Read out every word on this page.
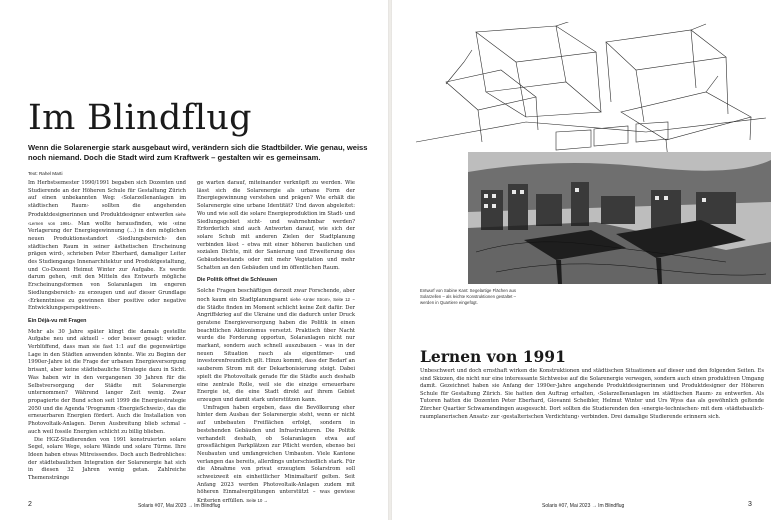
Im Blindflug
Wenn die Solarenergie stark ausgebaut wird, verändern sich die Stadtbilder. Wie genau, weiss noch niemand. Doch die Stadt wird zum Kraftwerk – gestalten wir es gemeinsam.
Text: Rahel Marti

Im Herbstsemester 1990/1991 begaben sich Dozenten und Studierende an der Höheren Schule für Gestaltung Zürich auf einen unbekannten Weg: ‹Solarzellenanlagen im städtischen Raum› sollten die angehenden Produktdesignerinnen und Produktdesigner entwerfen siehe ‹Lernen von 1991›. Man wollte herausfinden, wie ‹eine Verlagerung der Energiegewinnung (...) in den möglichen neuen Produktionsstandort ‹Siedlungsbereich› den städtischen Raum in seiner ästhetischen Erscheinung prägen wird›, schrieben Peter Eberhard, damaliger Leiter des Studiengangs Innenarchitektur und Produktgestaltung, und Co-Dozent Heimut Winter zur Aufgabe. Es werde darum gehen, ‹mit den Mitteln des Entwurfs mögliche Erscheinungsformen von Solaranlagen im engeren Siedlungsbereich› zu erzeugen und auf dieser Grundlage ‹Erkenntnisse zu gewinnen über positive oder negative Entwicklungsperspektiven›.

Ein Déjà-vu mit Fragen

Mehr als 30 Jahre später klingt die damals gestellte Aufgabe neu und aktuell – oder besser gesagt: wieder. Verblüffend, dass man sie fast 1:1 auf die gegenwärtige Lage in den Städten anwenden könnte. Wie zu Beginn der 1990er-Jahre ist die Frage der urbanen Energieversorgung brisant, aber keine städtebauliche Strategie dazu in Sicht. Was haben wir in den vergangenen 30 Jahren für die Selbstversorgung der Städte mit Solarenergie unternommen? Während langer Zeit wenig. Zwar propagierte der Bund schon seit 1999 die Energiestrategie 2050 und die Agenda 'Programm ‹EnergieSchweiz›, das die erneuerbaren Energien fördert. Auch die Installation von Photovoltaik-Anlagen. Deren Ausbreitung blieb schmal – auch weil fossile Energien schlicht zu billig blieben.

Die HGZ-Studierenden von 1991 konstruierten solare Segel, solare Wege, solare Wände und solare Türme. Ihre Ideen haben etwas Mitreissendes. Doch auch Bedrohliches: der städtebaulichen Integration der Solarenergie hat sich in diesen 32 Jahren wenig getan. Zahlreiche Themenstränge

ge warten darauf, miteinander verknüpft zu werden. Wie lässt sich die Solarenergie als urbane Form der Energiegewinnung verstehen und prägen? Wie erhält die Solarenergie eine urbane Identität? Und davon abgeleitet: Wo und wie soll die solare Energieproduktion im Stadt- und Siedlungsgebiet sicht- und wahrnehmbar werden? Erforderlich sind auch Antworten darauf, wie sich der solare Schub mit anderen Zielen der Stadtplanung verbinden lässt – etwa mit einer höheren baulichen und sozialen Dichte, mit der Sanierung und Erweiterung des Gebäudebestands oder mit mehr Vegetation und mehr Schatten an den Gebäuden und im öffentlichen Raum.

Die Politik öffnet die Schleusen

Solche Fragen beschäftigen derzeit zwar Forschende, aber noch kaum ein Stadtplanungsamt siehe ‹Unter Strom›, Seite 12 – die Städte finden im Moment schlicht keine Zeit dafür. Der Angriffskrieg auf die Ukraine und die dadurch unter Druck geratene Energieversorgung haben die Politik in einen beachtlichen Aktionismus versetzt. Praktisch über Nacht wurde die Forderung opportun, Solaranlagen nicht nur markant, sondern auch schnell auszubauen – was in der neuen Situation rasch als eigentümer- und investorenfreundlich gilt. Hinzu kommt, dass der Bedarf an sauberem Strom mit der Dekarbonisierung steigt. Dabei spielt die Photovoltaik gerade für die Städte auch deshalb eine zentrale Rolle, weil sie die einzige erneuerbare Energie ist, die eine Stadt direkt auf ihrem Gebiet erzeugen und damit stark unterstützen kann.

Umfragen haben ergeben, dass die Bevölkerung eher hinter dem Ausbau der Solarenergie steht, wenn er nicht auf unbebauten Freiflächen erfolgt, sondern in bestehenden Gebäuden und Infrastrukturen. Die Politik verhandelt deshalb, ob Solaranlagen etwa auf grossflächigen Parkplätzen zur Pflicht werden, ebenso bei Neubauten und umfangreichen Umbauten. Viele Kantone verlangen das bereits, allerdings unterschiedlich stark. Für die Abnahme von privat erzeugtem Solarstrom soll schweizweit ein einheitlicher Minimaltarif gelten. Seit Anfang 2023 werden Photovoltaik-Anlagen zudem mit höheren Einmalvergütungen unterstützt – was gewisse Kriterien erfüllen. Seite 10 →

2	Solaris #07, Mai 2023 → Im Blindflug
Entwurf von Sabine Kant: Segelartige Flächen aus Solarzellen – als leichte Konstruktionen gestaltet – werden in Quartiere eingefügt.
Lernen von 1991
Unbeschwert und doch ernsthaft wirken die Konstruktionen und städtischen Situationen auf dieser und den folgenden Seiten. Es sind Skizzen, die nicht nur eine interessante Sichtweise auf die Solarenergie verwegen, sondern auch einen produktiven Umgang damit. Gezeichnet haben sie Anfang der 1990er-Jahre angehende Produktdesignerinnen und Produktdesigner der Höheren Schule für Gestaltung Zürich. Sie hatten den Auftrag erhalten, ‹Solarzellenanlagen im städtischen Raum› zu entwerfen. Als Tutoren hatten die Dozenten Peter Eberhard, Giovanni Scheibler, Helmut Winter und Urs Wyss das als gewöhnlich geltende Zürcher Quartier Schwamendingen ausgesucht. Dort sollten die Studierenden den ‹energie-technischen› mit dem ‹städtebaulich-raumplanerischen Ansatz› zur ‹gestalterischen Verdichtung› verbinden. Drei damalige Studierende erinnern sich.
Solaris #07, Mai 2023 → Im Blindflug	3
